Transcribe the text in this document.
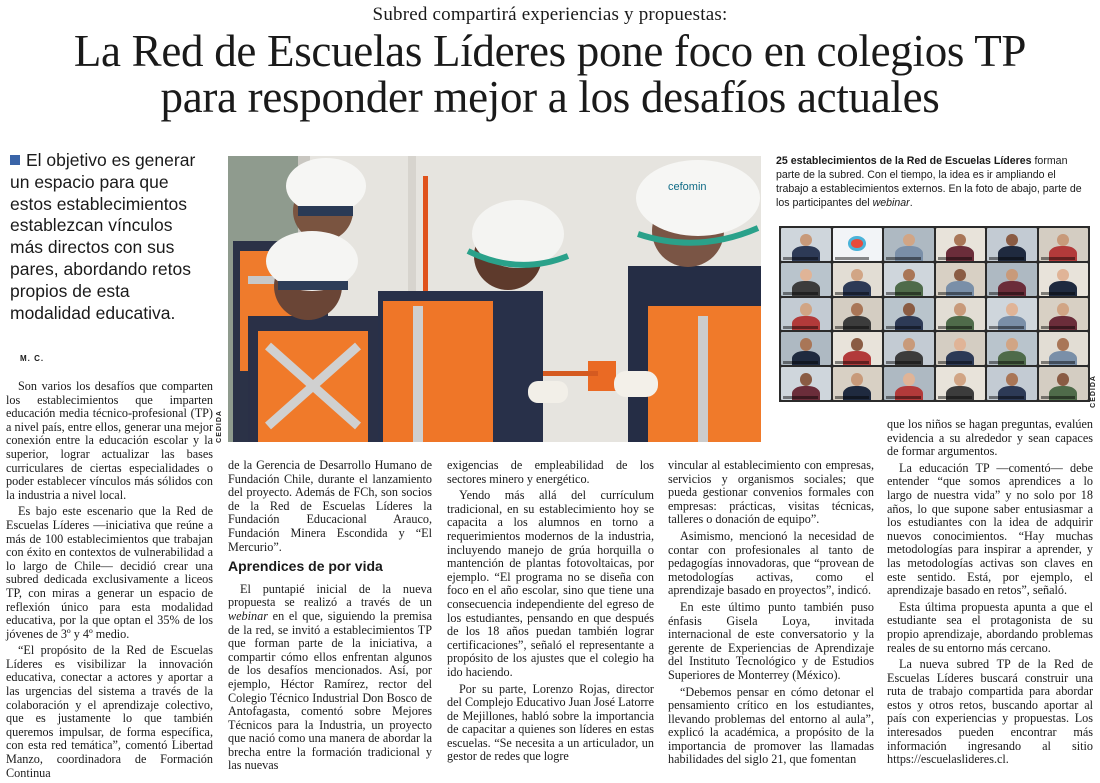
Subred compartirá experiencias y propuestas:
La Red de Escuelas Líderes pone foco en colegios TP
para responder mejor a los desafíos actuales
El objetivo es generar un espacio para que estos establecimientos establezcan vínculos más directos con sus pares, abordando retos propios de esta modalidad educativa.
M. C.
cefomin
CEDIDA
25 establecimientos de la Red de Escuelas Líderes forman parte de la subred. Con el tiempo, la idea es ir ampliando el trabajo a establecimientos externos. En la foto de abajo, parte de los participantes del webinar.
CEDIDA

Son varios los desafíos que comparten los establecimientos que imparten educación media técnico-profesional (TP) a nivel país, entre ellos, generar una mejor conexión entre la educación escolar y la superior, lograr actualizar las bases curriculares de ciertas especialidades o poder establecer vínculos más sólidos con la industria a nivel local.

Es bajo este escenario que la Red de Escuelas Líderes —iniciativa que reúne a más de 100 establecimientos que trabajan con éxito en contextos de vulnerabilidad a lo largo de Chile— decidió crear una subred dedicada exclusivamente a liceos TP, con miras a generar un espacio de reflexión único para esta modalidad educativa, por la que optan el 35% de los jóvenes de 3º y 4º medio.

“El propósito de la Red de Escuelas Líderes es visibilizar la innovación educativa, conectar a actores y aportar a las urgencias del sistema a través de la colaboración y el aprendizaje colectivo, que es justamente lo que también queremos impulsar, de forma específica, con esta red temática”, comentó Libertad Manzo, coordinadora de Formación Continua

de la Gerencia de Desarrollo Humano de Fundación Chile, durante el lanzamiento del proyecto. Además de FCh, son socios de la Red de Escuelas Líderes la Fundación Educacional Arauco, Fundación Minera Escondida y “El Mercurio”.

Aprendices de por vida

El puntapié inicial de la nueva propuesta se realizó a través de un webinar en el que, siguiendo la premisa de la red, se invitó a establecimientos TP que forman parte de la iniciativa, a compartir cómo ellos enfrentan algunos de los desafíos mencionados. Así, por ejemplo, Héctor Ramírez, rector del Colegio Técnico Industrial Don Bosco de Antofagasta, comentó sobre Mejores Técnicos para la Industria, un proyecto que nació como una manera de abordar la brecha entre la formación tradicional y las nuevas

exigencias de empleabilidad de los sectores minero y energético.

Yendo más allá del currículum tradicional, en su establecimiento hoy se capacita a los alumnos en torno a requerimientos modernos de la industria, incluyendo manejo de grúa horquilla o mantención de plantas fotovoltaicas, por ejemplo. “El programa no se diseña con foco en el año escolar, sino que tiene una consecuencia independiente del egreso de los estudiantes, pensando en que después de los 18 años puedan también lograr certificaciones”, señaló el representante a propósito de los ajustes que el colegio ha ido haciendo.

Por su parte, Lorenzo Rojas, director del Complejo Educativo Juan José Latorre de Mejillones, habló sobre la importancia de capacitar a quienes son líderes en estas escuelas. “Se necesita a un articulador, un gestor de redes que logre

vincular al establecimiento con empresas, servicios y organismos sociales; que pueda gestionar convenios formales con empresas: prácticas, visitas técnicas, talleres o donación de equipo”.

Asimismo, mencionó la necesidad de contar con profesionales al tanto de pedagogías innovadoras, que “provean de metodologías activas, como el aprendizaje basado en proyectos”, indicó.

En este último punto también puso énfasis Gisela Loya, invitada internacional de este conversatorio y la gerente de Experiencias de Aprendizaje del Instituto Tecnológico y de Estudios Superiores de Monterrey (México).

“Debemos pensar en cómo detonar el pensamiento crítico en los estudiantes, llevando problemas del entorno al aula”, explicó la académica, a propósito de la importancia de promover las llamadas habilidades del siglo 21, que fomentan

que los niños se hagan preguntas, evalúen evidencia a su alrededor y sean capaces de formar argumentos.

La educación TP —comentó— debe entender “que somos aprendices a lo largo de nuestra vida” y no solo por 18 años, lo que supone saber entusiasmar a los estudiantes con la idea de adquirir nuevos conocimientos. “Hay muchas metodologías para inspirar a aprender, y las metodologías activas son claves en este sentido. Está, por ejemplo, el aprendizaje basado en retos”, señaló.

Esta última propuesta apunta a que el estudiante sea el protagonista de su propio aprendizaje, abordando problemas reales de su entorno más cercano.

La nueva subred TP de la Red de Escuelas Líderes buscará construir una ruta de trabajo compartida para abordar estos y otros retos, buscando aportar al país con experiencias y propuestas. Los interesados pueden encontrar más información ingresando al sitio https://escuelaslideres.cl.
